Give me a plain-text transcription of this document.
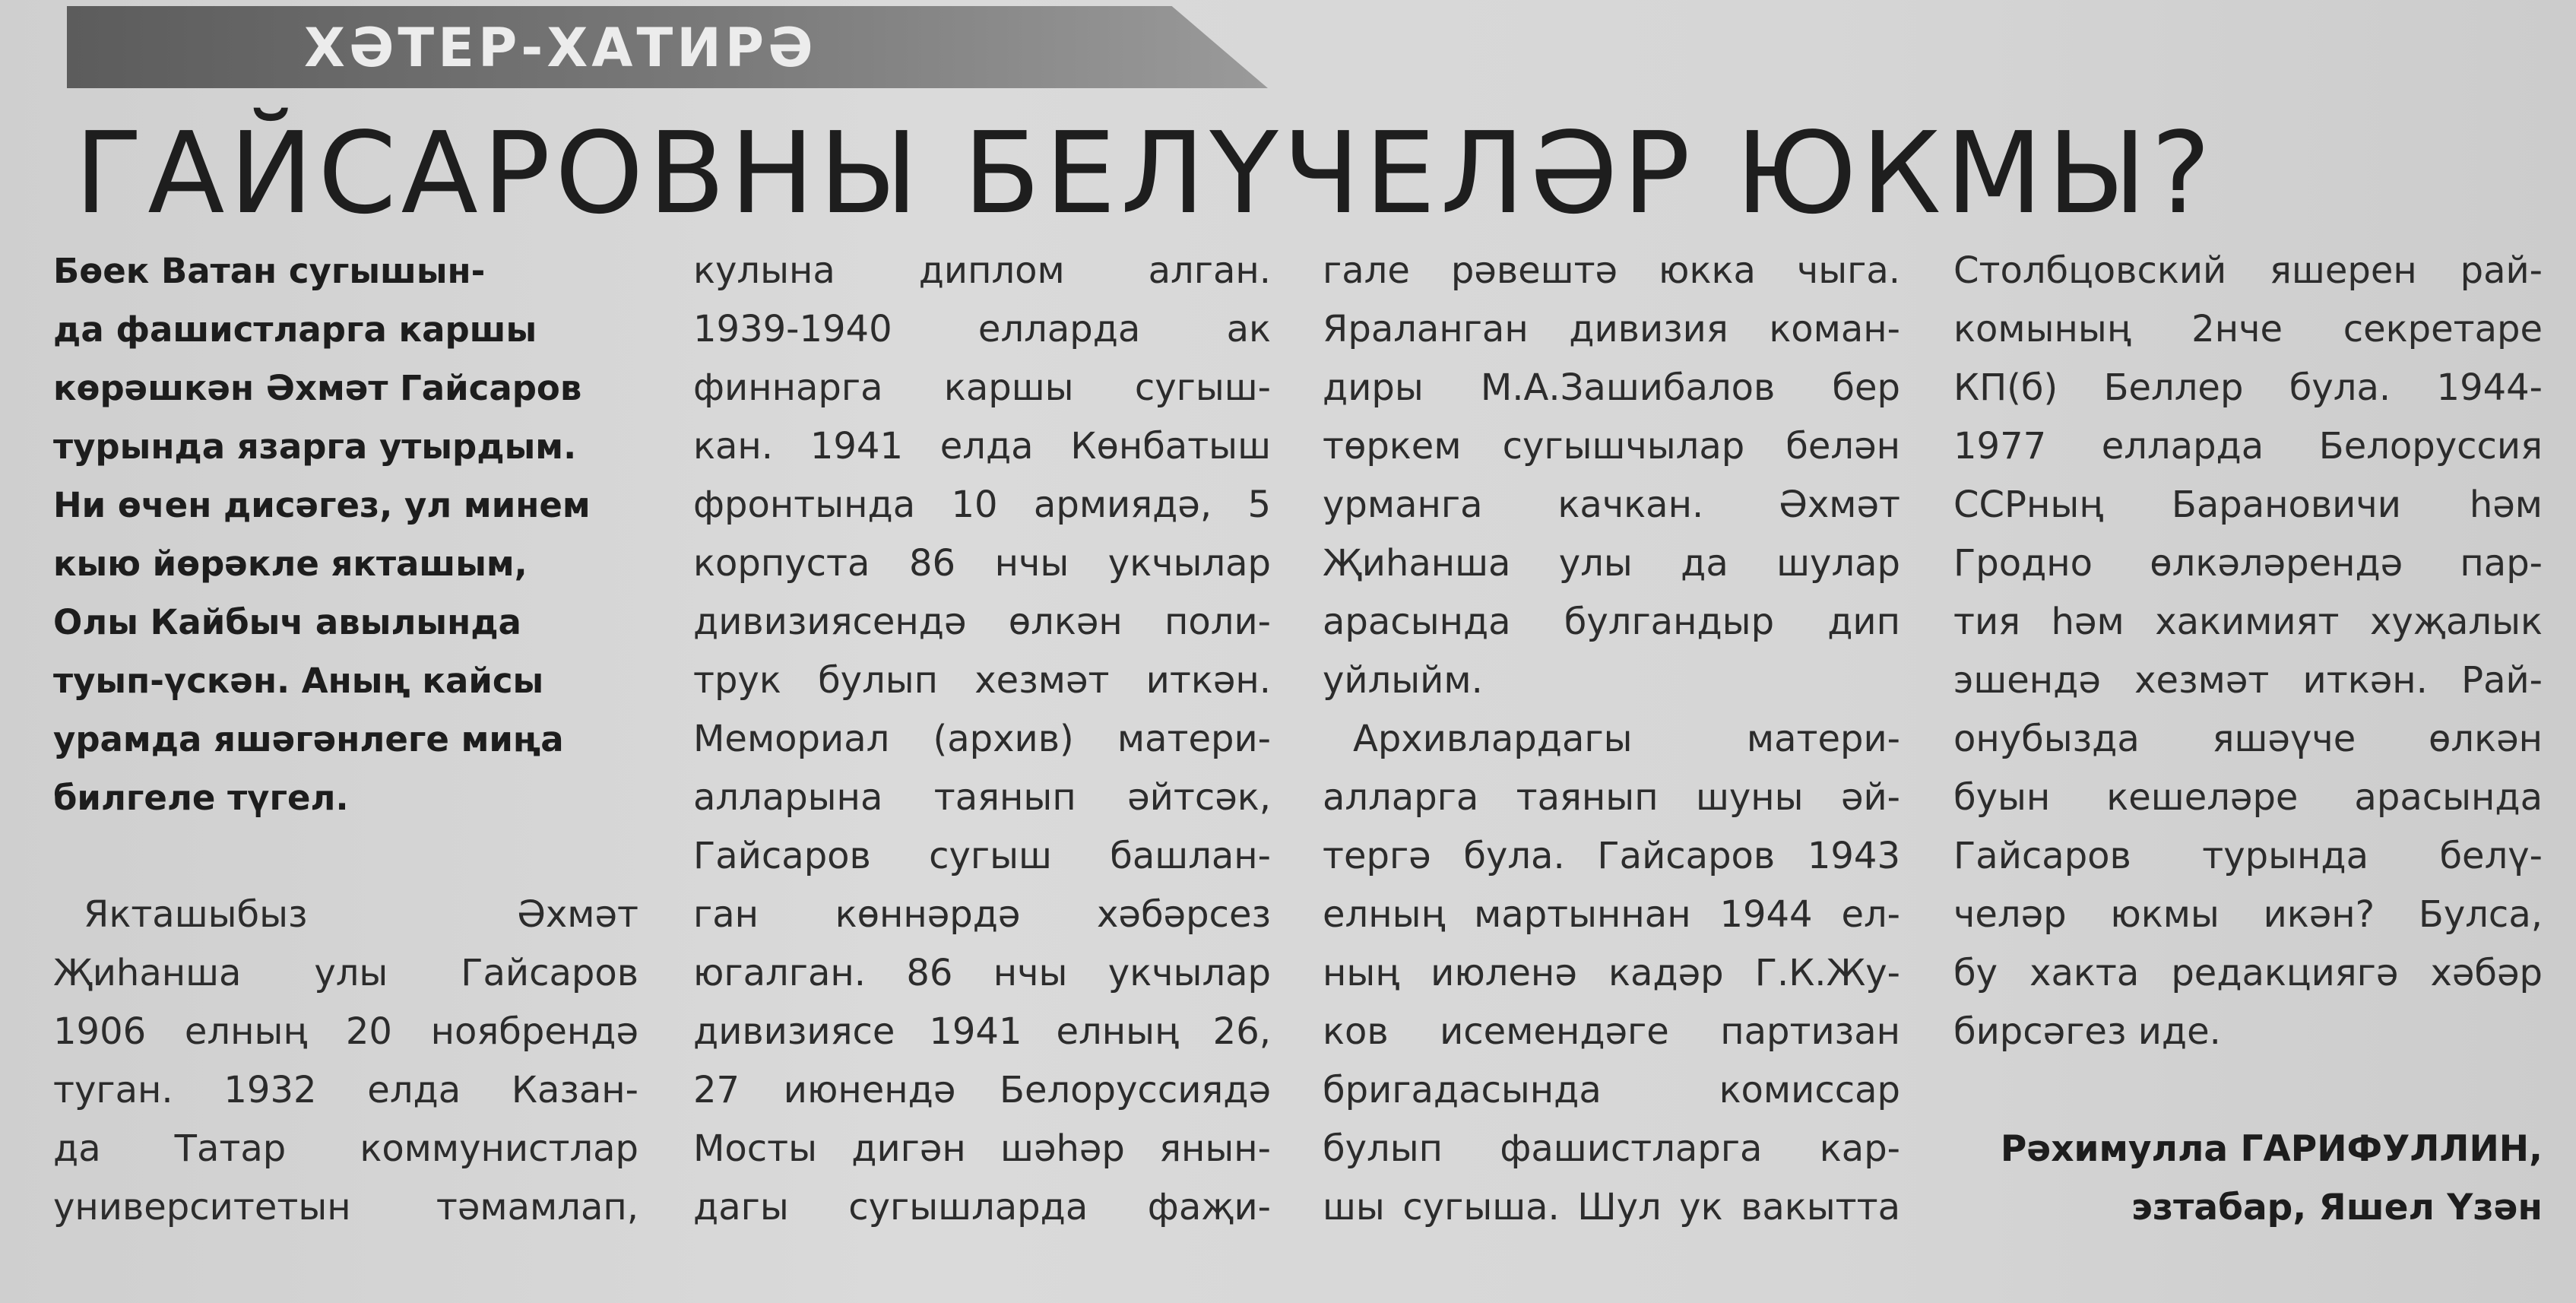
ХӘТЕР-ХАТИРӘ
ГАЙСАРОВНЫ БЕЛҮЧЕЛӘР ЮКМЫ?
Бөек Ватан сугышын-
да фашистларга каршы
көрәшкән Әхмәт Гайсаров
турында язарга утырдым.
Ни өчен дисәгез, ул минем
кыю йөрәкле якташым,
Олы Кайбыч авылында
туып-үскән. Аның кайсы
урамда яшәгәнлеге миңа
билгеле түгел.
Якташыбыз Әхмәт
Җиһанша улы Гайсаров
1906 елның 20 ноябрендә
туган. 1932 елда Казан-
да Татар коммунистлар
университетын тәмамлап,
кулына диплом алган.
1939-1940 елларда ак
финнарга каршы сугыш-
кан. 1941 елда Көнбатыш
фронтында 10 армиядә, 5
корпуста 86 нчы укчылар
дивизиясендә өлкән поли-
трук булып хезмәт иткән.
Мемориал (архив) матери-
алларына таянып әйтсәк,
Гайсаров сугыш башлан-
ган көннәрдә хәбәрсез
югалган. 86 нчы укчылар
дивизиясе 1941 елның 26,
27 июнендә Белоруссиядә
Мосты дигән шәһәр янын-
дагы сугышларда фаҗи-
гале рәвештә юкка чыга.
Яраланган дивизия коман-
диры М.А.Зашибалов бер
төркем сугышчылар белән
урманга качкан. Әхмәт
Җиһанша улы да шулар
арасында булгандыр дип
уйлыйм.
Архивлардагы матери-
алларга таянып шуны әй-
тергә була. Гайсаров 1943
елның мартыннан 1944 ел-
ның июленә кадәр Г.К.Жу-
ков исемендәге партизан
бригадасында комиссар
булып фашистларга кар-
шы сугыша. Шул ук вакытта
Столбцовский яшерен рай-
комының 2нче секретаре
КП(б) Беллер була. 1944-
1977 елларда Белоруссия
ССРның Барановичи һәм
Гродно өлкәләрендә пар-
тия һәм хакимият хуҗалык
эшендә хезмәт иткән. Рай-
онубызда яшәүче өлкән
буын кешеләре арасында
Гайсаров турында белү-
челәр юкмы икән? Булса,
бу хакта редакциягә хәбәр
бирсәгез иде.
Рәхимулла ГАРИФУЛЛИН,
эзтабар, Яшел Үзән
